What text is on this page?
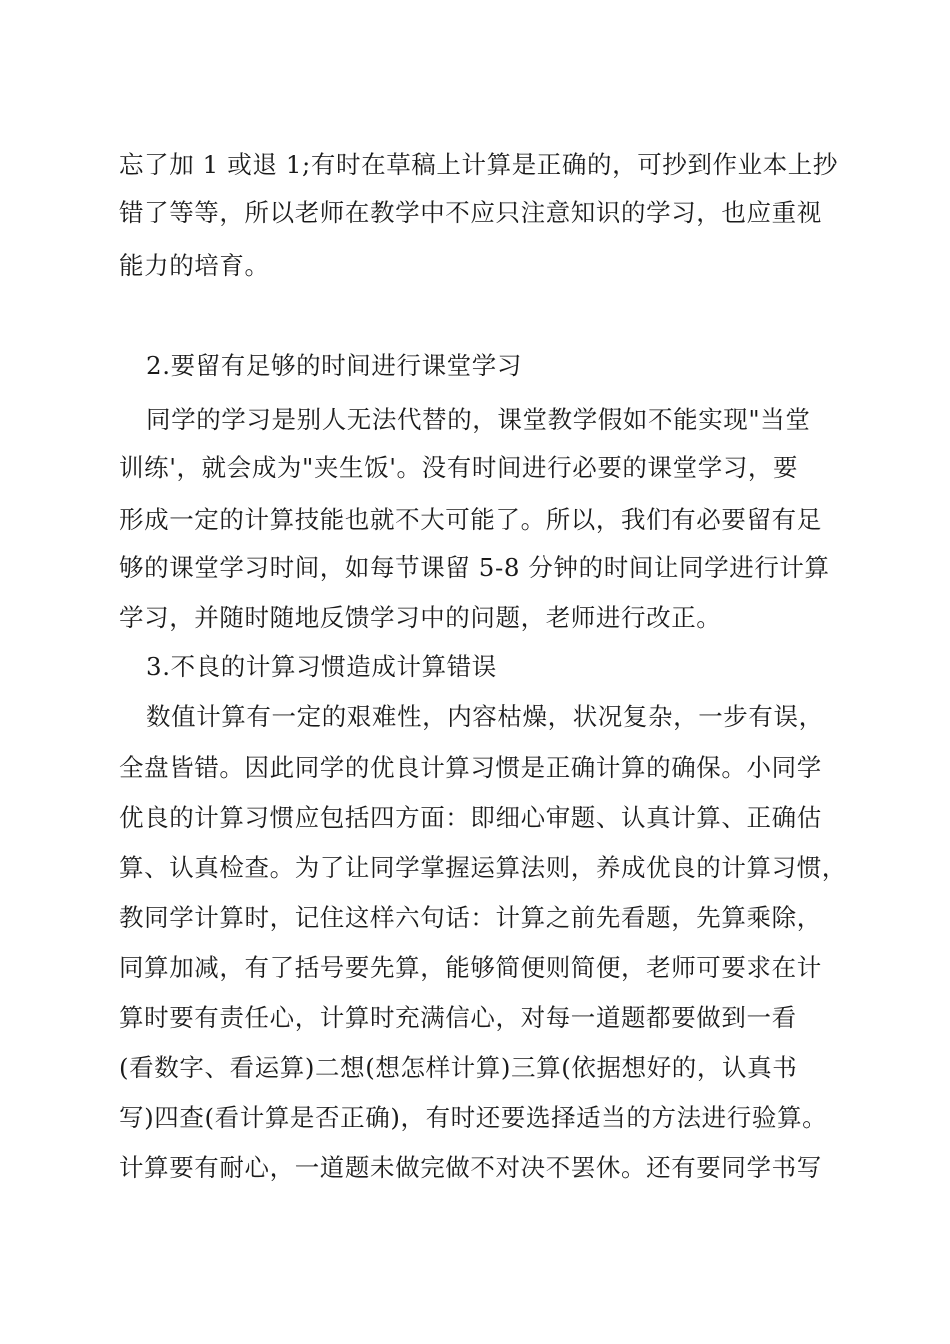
忘了加 1 或退 1;有时在草稿上计算是正确的，可抄到作业本上抄
错了等等，所以老师在教学中不应只注意知识的学习，也应重视
能力的培育。
2.要留有足够的时间进行课堂学习
同学的学习是别人无法代替的，课堂教学假如不能实现"当堂
训练'，就会成为"夹生饭'。没有时间进行必要的课堂学习，要
形成一定的计算技能也就不大可能了。所以，我们有必要留有足
够的课堂学习时间，如每节课留 5-8 分钟的时间让同学进行计算
学习，并随时随地反馈学习中的问题，老师进行改正。
3.不良的计算习惯造成计算错误
数值计算有一定的艰难性，内容枯燥，状况复杂，一步有误，
全盘皆错。因此同学的优良计算习惯是正确计算的确保。小同学
优良的计算习惯应包括四方面：即细心审题、认真计算、正确估
算、认真检查。为了让同学掌握运算法则，养成优良的计算习惯，
教同学计算时，记住这样六句话：计算之前先看题，先算乘除，
同算加减，有了括号要先算，能够简便则简便，老师可要求在计
算时要有责任心，计算时充满信心，对每一道题都要做到一看
(看数字、看运算)二想(想怎样计算)三算(依据想好的，认真书
写)四查(看计算是否正确)，有时还要选择适当的方法进行验算。
计算要有耐心，一道题未做完做不对决不罢休。还有要同学书写
